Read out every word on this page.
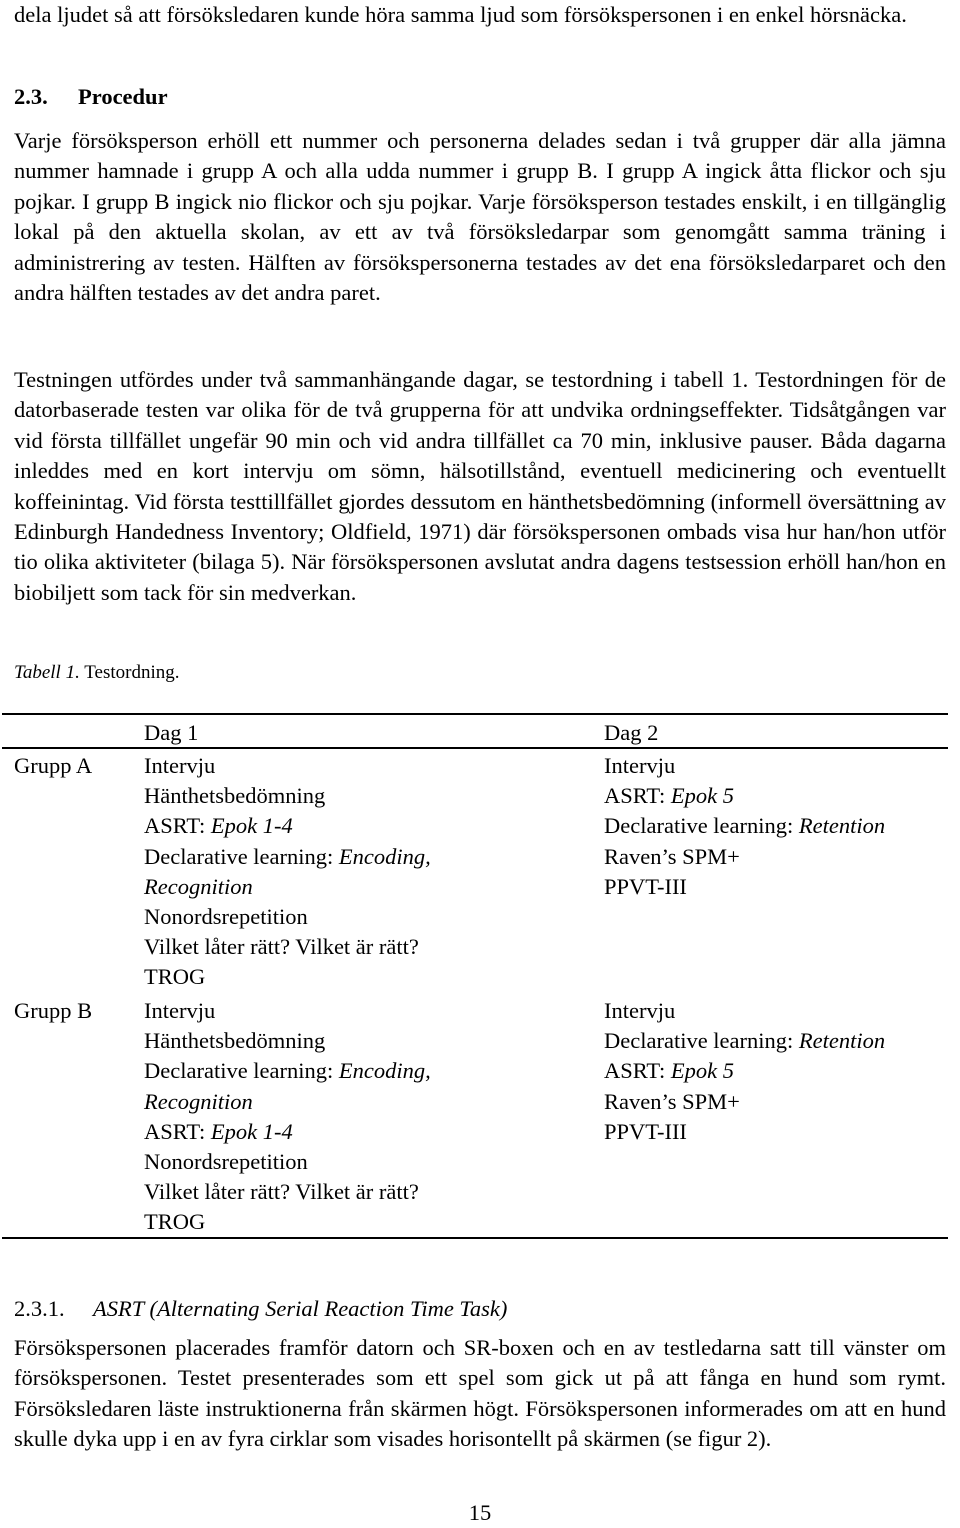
dela ljudet så att försöksledaren kunde höra samma ljud som försökspersonen i en enkel hörsnäcka.

2.3. Procedur

Varje försöksperson erhöll ett nummer och personerna delades sedan i två grupper där alla jämna nummer hamnade i grupp A och alla udda nummer i grupp B. I grupp A ingick åtta flickor och sju pojkar. I grupp B ingick nio flickor och sju pojkar. Varje försöksperson testades enskilt, i en tillgänglig lokal på den aktuella skolan, av ett av två försöksledarpar som genomgått samma träning i administrering av testen. Hälften av försökspersonerna testades av det ena försöksledarparet och den andra hälften testades av det andra paret.

Testningen utfördes under två sammanhängande dagar, se testordning i tabell 1. Testordningen för de datorbaserade testen var olika för de två grupperna för att undvika ordningseffekter. Tidsåtgången var vid första tillfället ungefär 90 min och vid andra tillfället ca 70 min, inklusive pauser. Båda dagarna inleddes med en kort intervju om sömn, hälsotillstånd, eventuell medicinering och eventuellt koffeinintag. Vid första testtillfället gjordes dessutom en hänthetsbedömning (informell översättning av Edinburgh Handedness Inventory; Oldfield, 1971) där försökspersonen ombads visa hur han/hon utför tio olika aktiviteter (bilaga 5). När försökspersonen avslutat andra dagens testsession erhöll han/hon en biobiljett som tack för sin medverkan.

Tabell 1. Testordning.
Dag 1	Dag 2
Grupp A Intervju
Hänthetsbedömning
ASRT: Epok 1-4
Declarative learning: Encoding,
Recognition
Nonordsrepetition
Vilket låter rätt? Vilket är rätt?
TROG
Intervju
ASRT: Epok 5
Declarative learning: Retention
Raven’s SPM+
PPVT-III
Grupp B Intervju
Hänthetsbedömning
Declarative learning: Encoding,
Recognition
ASRT: Epok 1-4
Nonordsrepetition
Vilket låter rätt? Vilket är rätt?
TROG
Intervju
Declarative learning: Retention
ASRT: Epok 5
Raven’s SPM+
PPVT-III
2.3.1. ASRT (Alternating Serial Reaction Time Task)

Försökspersonen placerades framför datorn och SR-boxen och en av testledarna satt till vänster om försökspersonen. Testet presenterades som ett spel som gick ut på att fånga en hund som rymt. Försöksledaren läste instruktionerna från skärmen högt. Försökspersonen informerades om att en hund skulle dyka upp i en av fyra cirklar som visades horisontellt på skärmen (se figur 2).

15
